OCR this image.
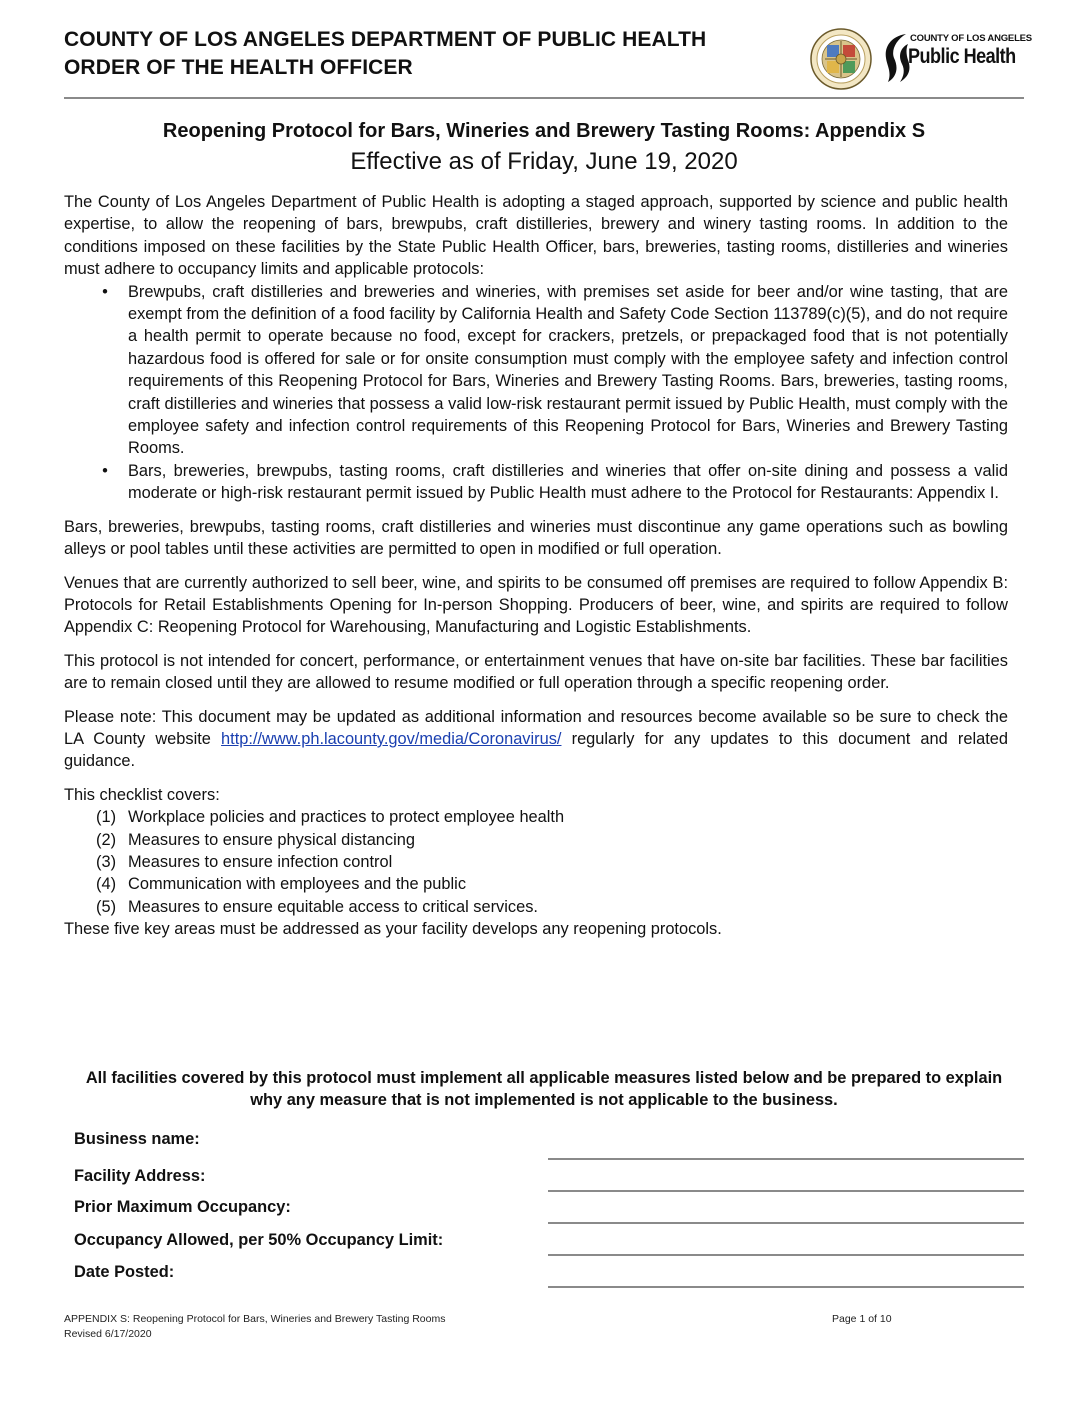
COUNTY OF LOS ANGELES DEPARTMENT OF PUBLIC HEALTH
ORDER OF THE HEALTH OFFICER
COUNTY OF LOS ANGELES
Public Health
Reopening Protocol for Bars, Wineries and Brewery Tasting Rooms: Appendix S
Effective as of Friday, June 19, 2020

The County of Los Angeles Department of Public Health is adopting a staged approach, supported by science and public health expertise, to allow the reopening of bars, brewpubs, craft distilleries, brewery and winery tasting rooms. In addition to the conditions imposed on these facilities by the State Public Health Officer, bars, breweries, tasting rooms, distilleries and wineries must adhere to occupancy limits and applicable protocols:

•	Brewpubs, craft distilleries and breweries and wineries, with premises set aside for beer and/or wine tasting, that are exempt from the definition of a food facility by California Health and Safety Code Section 113789(c)(5), and do not require a health permit to operate because no food, except for crackers, pretzels, or prepackaged food that is not potentially hazardous food is offered for sale or for onsite consumption must comply with the employee safety and infection control requirements of this Reopening Protocol for Bars, Wineries and Brewery Tasting Rooms. Bars, breweries, tasting rooms, craft distilleries and wineries that possess a valid low-risk restaurant permit issued by Public Health, must comply with the employee safety and infection control requirements of this Reopening Protocol for Bars, Wineries and Brewery Tasting Rooms.
•	Bars, breweries, brewpubs, tasting rooms, craft distilleries and wineries that offer on-site dining and possess a valid moderate or high-risk restaurant permit issued by Public Health must adhere to the Protocol for Restaurants: Appendix I.

Bars, breweries, brewpubs, tasting rooms, craft distilleries and wineries must discontinue any game operations such as bowling alleys or pool tables until these activities are permitted to open in modified or full operation.

Venues that are currently authorized to sell beer, wine, and spirits to be consumed off premises are required to follow Appendix B: Protocols for Retail Establishments Opening for In-person Shopping. Producers of beer, wine, and spirits are required to follow Appendix C: Reopening Protocol for Warehousing, Manufacturing and Logistic Establishments.

This protocol is not intended for concert, performance, or entertainment venues that have on-site bar facilities. These bar facilities are to remain closed until they are allowed to resume modified or full operation through a specific reopening order.

Please note: This document may be updated as additional information and resources become available so be sure to check the LA County website http://www.ph.lacounty.gov/media/Coronavirus/ regularly for any updates to this document and related guidance.

This checklist covers:

(1) Workplace policies and practices to protect employee health
(2) Measures to ensure physical distancing
(3) Measures to ensure infection control
(4) Communication with employees and the public
(5) Measures to ensure equitable access to critical services.

These five key areas must be addressed as your facility develops any reopening protocols.

All facilities covered by this protocol must implement all applicable measures listed below and be prepared to explain why any measure that is not implemented is not applicable to the business.
Business name:
Facility Address:
Prior Maximum Occupancy:
Occupancy Allowed, per 50% Occupancy Limit:
Date Posted:
APPENDIX S: Reopening Protocol for Bars, Wineries and Brewery Tasting Rooms
Revised 6/17/2020
Page 1 of 10
